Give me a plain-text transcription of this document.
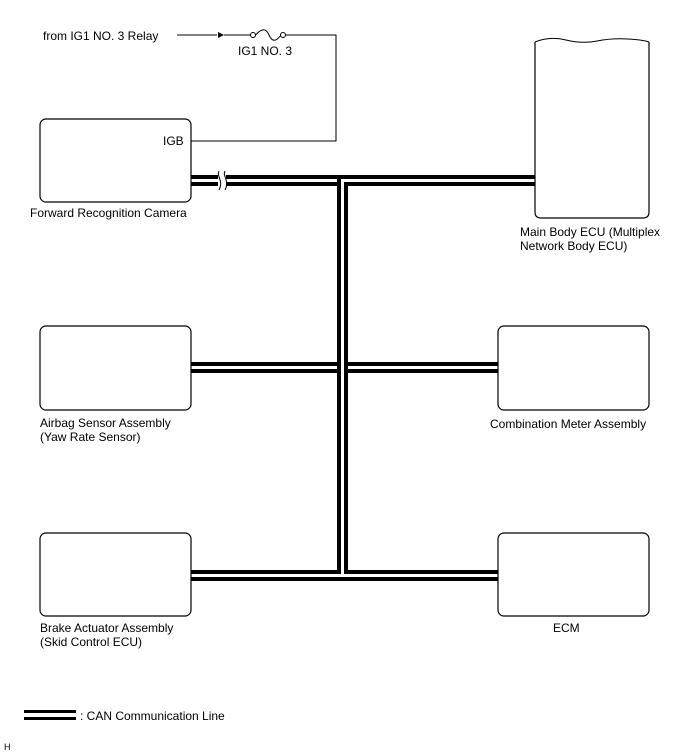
from IG1 NO. 3 Relay
IG1 NO. 3
IGB
Forward Recognition Camera
Main Body ECU (Multiplex
Network Body ECU)
Airbag Sensor Assembly
(Yaw Rate Sensor)
Combination Meter Assembly
Brake Actuator Assembly
(Skid Control ECU)
ECM
: CAN Communication Line
H
